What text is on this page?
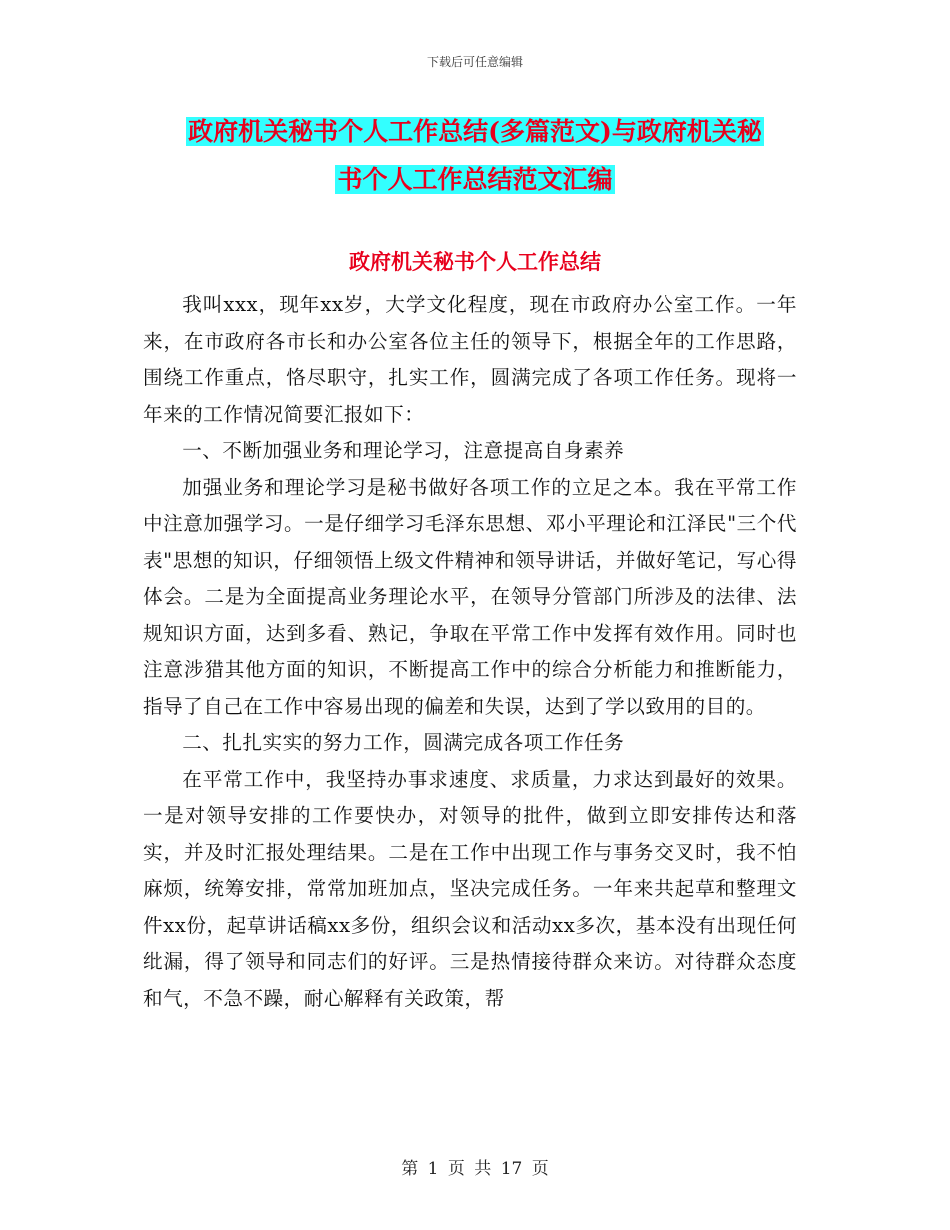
下载后可任意编辑
政府机关秘书个人工作总结(多篇范文)与政府机关秘
书个人工作总结范文汇编
政府机关秘书个人工作总结

我叫xxx，现年xx岁，大学文化程度，现在市政府办公室工作。一年来，在市政府各市长和办公室各位主任的领导下，根据全年的工作思路，围绕工作重点，恪尽职守，扎实工作，圆满完成了各项工作任务。现将一年来的工作情况简要汇报如下：

一、不断加强业务和理论学习，注意提高自身素养

加强业务和理论学习是秘书做好各项工作的立足之本。我在平常工作中注意加强学习。一是仔细学习毛泽东思想、邓小平理论和江泽民"三个代表"思想的知识，仔细领悟上级文件精神和领导讲话，并做好笔记，写心得体会。二是为全面提高业务理论水平，在领导分管部门所涉及的法律、法规知识方面，达到多看、熟记，争取在平常工作中发挥有效作用。同时也注意涉猎其他方面的知识，不断提高工作中的综合分析能力和推断能力，指导了自己在工作中容易出现的偏差和失误，达到了学以致用的目的。

二、扎扎实实的努力工作，圆满完成各项工作任务

在平常工作中，我坚持办事求速度、求质量，力求达到最好的效果。一是对领导安排的工作要快办，对领导的批件，做到立即安排传达和落实，并及时汇报处理结果。二是在工作中出现工作与事务交叉时，我不怕麻烦，统筹安排，常常加班加点，坚决完成任务。一年来共起草和整理文件xx份，起草讲话稿xx多份，组织会议和活动xx多次，基本没有出现任何纰漏，得了领导和同志们的好评。三是热情接待群众来访。对待群众态度和气，不急不躁，耐心解释有关政策，帮

第 1 页 共 17 页
